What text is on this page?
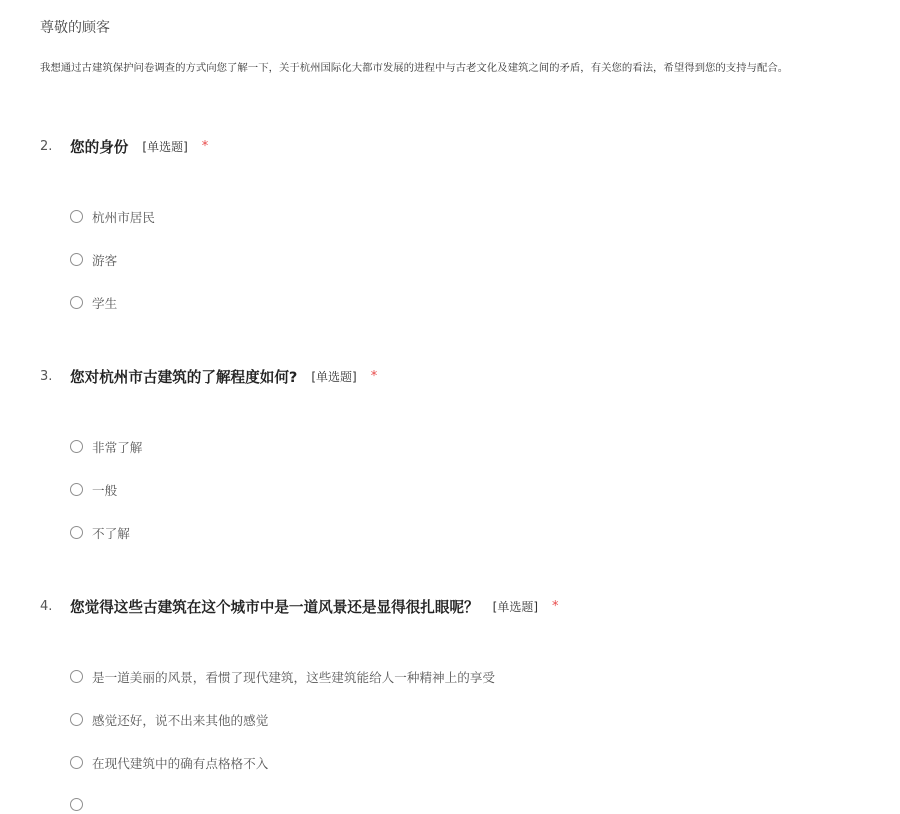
尊敬的顾客

我想通过古建筑保护问卷调查的方式向您了解一下，关于杭州国际化大都市发展的进程中与古老文化及建筑之间的矛盾，有关您的看法，希望得到您的支持与配合。

2.	您的身份 [单选题] *
杭州市居民
游客
学生
3.	您对杭州市古建筑的了解程度如何? [单选题] *
非常了解
一般
不了解
4.	您觉得这些古建筑在这个城市中是一道风景还是显得很扎眼呢？ [单选题] *
是一道美丽的风景，看惯了现代建筑，这些建筑能给人一种精神上的享受
感觉还好，说不出来其他的感觉
在现代建筑中的确有点格格不入
